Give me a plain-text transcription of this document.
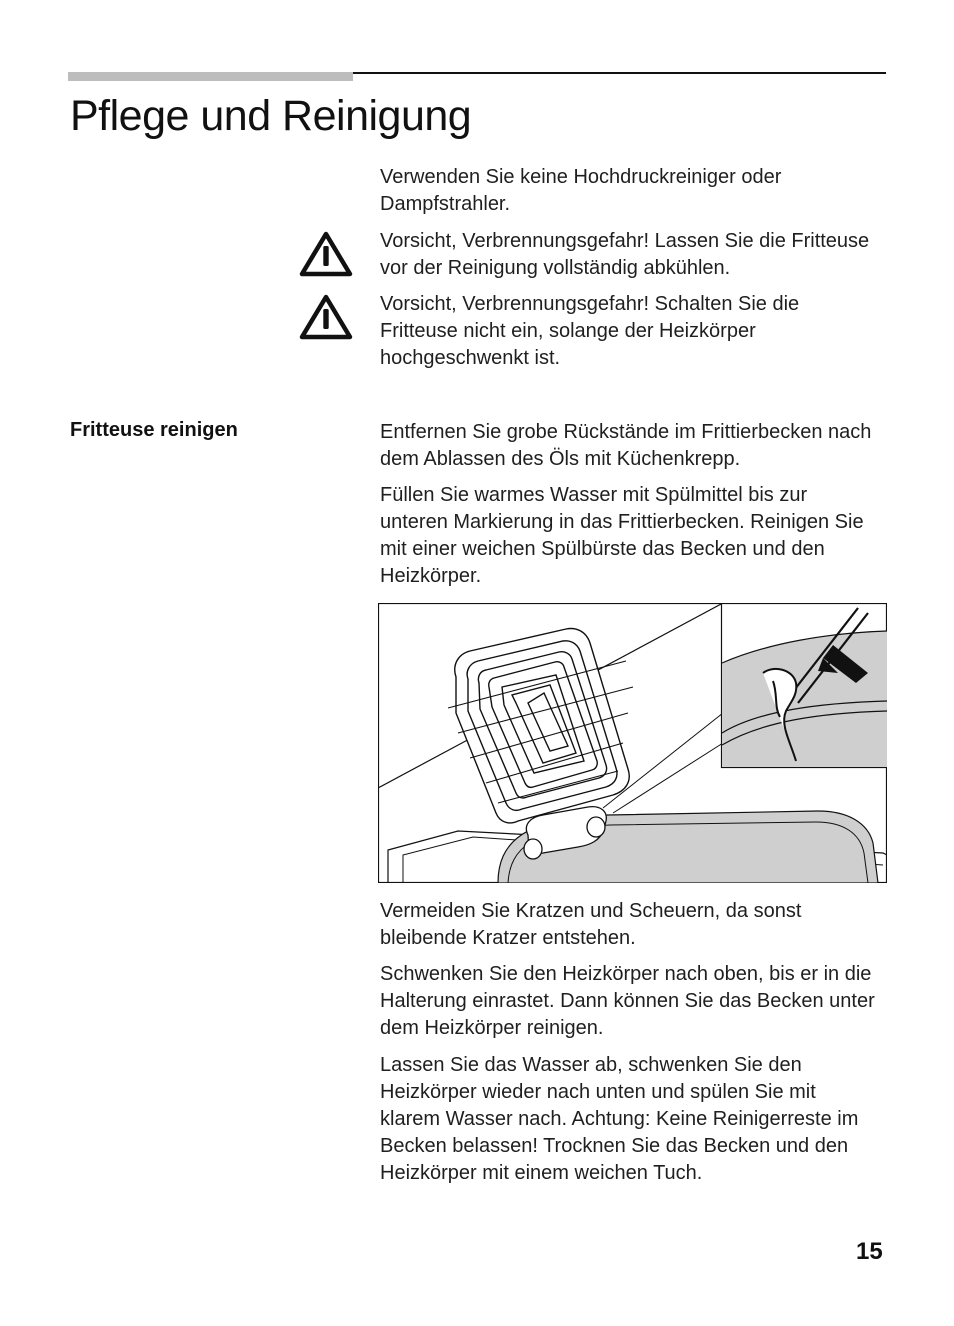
Pflege und Reinigung

Verwenden Sie keine Hochdruckreiniger oder Dampfstrahler.

Vorsicht, Verbrennungsgefahr! Lassen Sie die Fritteuse vor der Reinigung vollständig abkühlen.

Vorsicht, Verbrennungsgefahr! Schalten Sie die Fritteuse nicht ein, solange der Heizkörper hochgeschwenkt ist.

Fritteuse reinigen	Entfernen Sie grobe Rückstände im Frittierbecken nach dem Ablassen des Öls mit Küchenkrepp.

Füllen Sie warmes Wasser mit Spülmittel bis zur unteren Markierung in das Frittierbecken. Reinigen Sie mit einer weichen Spülbürste das Becken und den Heizkörper.

Vermeiden Sie Kratzen und Scheuern, da sonst bleibende Kratzer entstehen.

Schwenken Sie den Heizkörper nach oben, bis er in die Halterung einrastet. Dann können Sie das Becken unter dem Heizkörper reinigen.

Lassen Sie das Wasser ab, schwenken Sie den Heizkörper wieder nach unten und spülen Sie mit klarem Wasser nach. Achtung: Keine Reinigerreste im Becken belassen! Trocknen Sie das Becken und den Heizkörper mit einem weichen Tuch.

15
